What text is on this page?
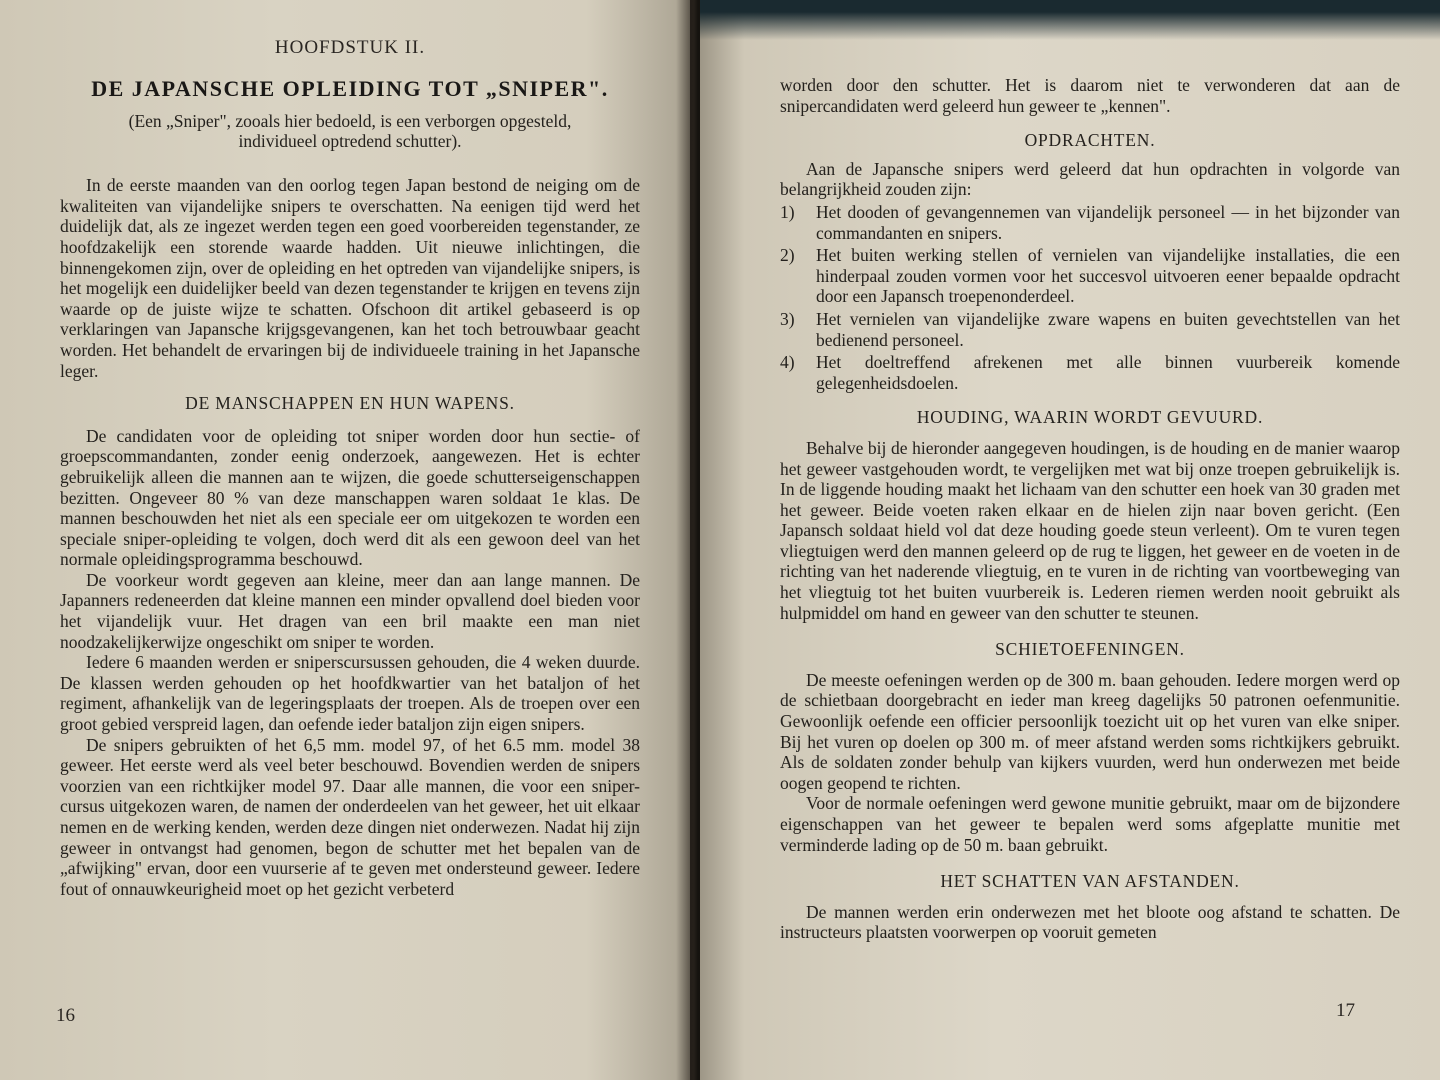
HOOFDSTUK II.
DE JAPANSCHE OPLEIDING TOT „SNIPER".
(Een „Sniper", zooals hier bedoeld, is een verborgen opgesteld, individueel optredend schutter).

In de eerste maanden van den oorlog tegen Japan bestond de neiging om de kwaliteiten van vijandelijke snipers te overschatten. Na eenigen tijd werd het duidelijk dat, als ze ingezet werden tegen een goed voorbereiden tegenstander, ze hoofdzakelijk een storende waarde hadden. Uit nieuwe inlichtingen, die binnengekomen zijn, over de opleiding en het optreden van vijandelijke snipers, is het mogelijk een duidelijker beeld van dezen tegenstander te krijgen en tevens zijn waarde op de juiste wijze te schatten. Ofschoon dit artikel gebaseerd is op verklaringen van Japansche krijgsgevangenen, kan het toch betrouwbaar geacht worden. Het behandelt de ervaringen bij de individueele training in het Japansche leger.

DE MANSCHAPPEN EN HUN WAPENS.

De candidaten voor de opleiding tot sniper worden door hun sectie- of groepscommandanten, zonder eenig onderzoek, aangewezen. Het is echter gebruikelijk alleen die mannen aan te wijzen, die goede schutterseigenschappen bezitten. Ongeveer 80 % van deze manschappen waren soldaat 1e klas. De mannen beschouwden het niet als een speciale eer om uitgekozen te worden een speciale sniper-opleiding te volgen, doch werd dit als een gewoon deel van het normale opleidingsprogramma beschouwd.

De voorkeur wordt gegeven aan kleine, meer dan aan lange mannen. De Japanners redeneerden dat kleine mannen een minder opvallend doel bieden voor het vijandelijk vuur. Het dragen van een bril maakte een man niet noodzakelijkerwijze ongeschikt om sniper te worden.

Iedere 6 maanden werden er sniperscursussen gehouden, die 4 weken duurde. De klassen werden gehouden op het hoofdkwartier van het bataljon of het regiment, afhankelijk van de legeringsplaats der troepen. Als de troepen over een groot gebied verspreid lagen, dan oefende ieder bataljon zijn eigen snipers.

De snipers gebruikten of het 6,5 mm. model 97, of het 6.5 mm. model 38 geweer. Het eerste werd als veel beter beschouwd. Bovendien werden de snipers voorzien van een richtkijker model 97. Daar alle mannen, die voor een sniper-cursus uitgekozen waren, de namen der onderdeelen van het geweer, het uit elkaar nemen en de werking kenden, werden deze dingen niet onderwezen. Nadat hij zijn geweer in ontvangst had genomen, begon de schutter met het bepalen van de „afwijking" ervan, door een vuurserie af te geven met ondersteund geweer. Iedere fout of onnauwkeurigheid moet op het gezicht verbeterd

16

worden door den schutter. Het is daarom niet te verwonderen dat aan de snipercandidaten werd geleerd hun geweer te „kennen".

OPDRACHTEN.

Aan de Japansche snipers werd geleerd dat hun opdrachten in volgorde van belangrijkheid zouden zijn:

1) Het dooden of gevangennemen van vijandelijk personeel — in het bijzonder van commandanten en snipers.
2) Het buiten werking stellen of vernielen van vijandelijke installaties, die een hinderpaal zouden vormen voor het succesvol uitvoeren eener bepaalde opdracht door een Japansch troepenonderdeel.
3) Het vernielen van vijandelijke zware wapens en buiten gevechtstellen van het bedienend personeel.
4) Het doeltreffend afrekenen met alle binnen vuurbereik komende gelegenheidsdoelen.
HOUDING, WAARIN WORDT GEVUURD.

Behalve bij de hieronder aangegeven houdingen, is de houding en de manier waarop het geweer vastgehouden wordt, te vergelijken met wat bij onze troepen gebruikelijk is. In de liggende houding maakt het lichaam van den schutter een hoek van 30 graden met het geweer. Beide voeten raken elkaar en de hielen zijn naar boven gericht. (Een Japansch soldaat hield vol dat deze houding goede steun verleent). Om te vuren tegen vliegtuigen werd den mannen geleerd op de rug te liggen, het geweer en de voeten in de richting van het naderende vliegtuig, en te vuren in de richting van voortbeweging van het vliegtuig tot het buiten vuurbereik is. Lederen riemen werden nooit gebruikt als hulpmiddel om hand en geweer van den schutter te steunen.

SCHIETOEFENINGEN.

De meeste oefeningen werden op de 300 m. baan gehouden. Iedere morgen werd op de schietbaan doorgebracht en ieder man kreeg dagelijks 50 patronen oefenmunitie. Gewoonlijk oefende een officier persoonlijk toezicht uit op het vuren van elke sniper. Bij het vuren op doelen op 300 m. of meer afstand werden soms richtkijkers gebruikt. Als de soldaten zonder behulp van kijkers vuurden, werd hun onderwezen met beide oogen geopend te richten.

Voor de normale oefeningen werd gewone munitie gebruikt, maar om de bijzondere eigenschappen van het geweer te bepalen werd soms afgeplatte munitie met verminderde lading op de 50 m. baan gebruikt.

HET SCHATTEN VAN AFSTANDEN.

De mannen werden erin onderwezen met het bloote oog afstand te schatten. De instructeurs plaatsten voorwerpen op vooruit gemeten

17
